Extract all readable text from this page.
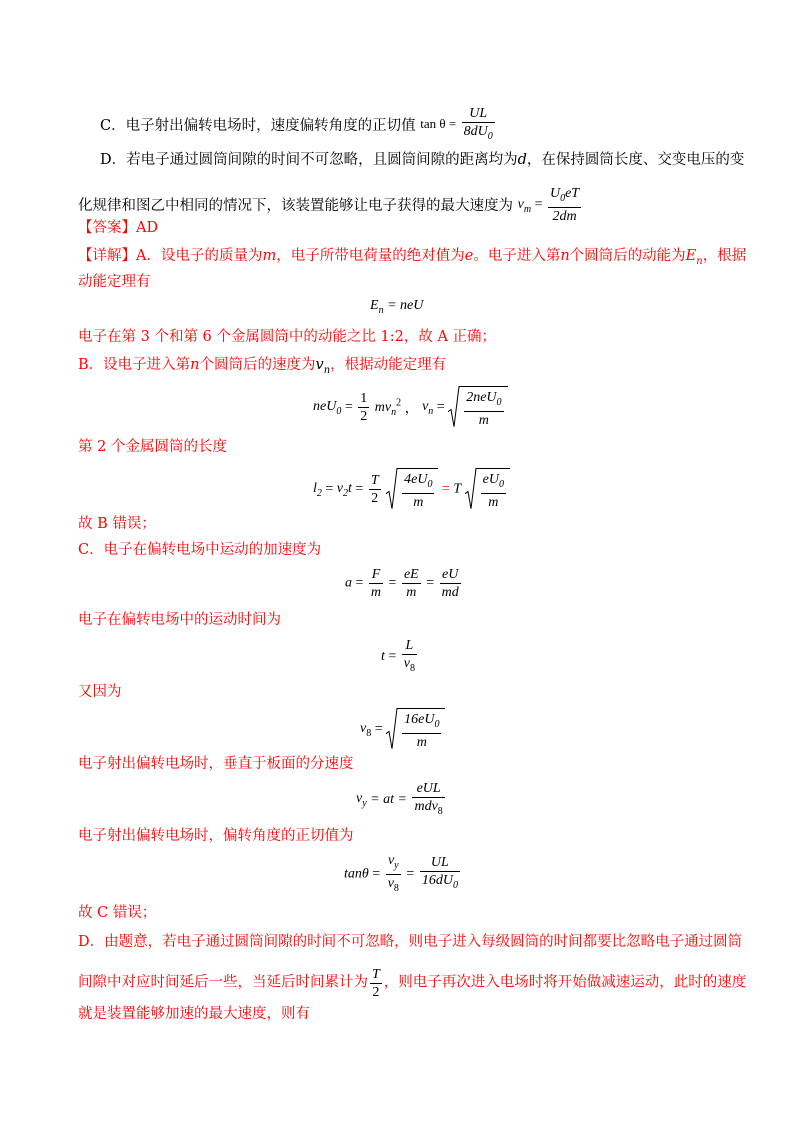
C．电子射出偏转电场时，速度偏转角度的正切值 $\tan \theta = \frac{UL}{8dU_0}$
D．若电子通过圆筒间隙的时间不可忽略，且圆筒间隙的距离均为d，在保持圆筒长度、交变电压的变
化规律和图乙中相同的情况下，该装置能够让电子获得的最大速度为 $v_m = \frac{U_0eT}{2dm}$
【答案】AD
【详解】A．设电子的质量为m，电子所带电荷量的绝对值为e。电子进入第n个圆筒后的动能为$E_n$，根据
动能定理有
$E_n$ = neU
电子在第 3 个和第 6 个金属圆筒中的动能之比 1:2，故 A 正确；
B．设电子进入第n个圆筒后的速度为$v_n$，根据动能定理有
$neU_0 = \frac{1}{2} mv_n^2$ ， $v_n = \frac{2neU_0}{m}$
第 2 个金属圆筒的长度
$l_2 = v_2t = \frac{T}{2}$
$\frac{4eU_0}{m} = T \frac{eU_0}{m}$
故 B 错误；
C．电子在偏转电场中运动的加速度为
$a = \frac{F}{m} = \frac{eE}{m} = \frac{eU}{md}$
电子在偏转电场中的运动时间为
$t = \frac{L}{v_8}$
又因为
$v_8 = \frac{16eU_0}{m}$
电子射出偏转电场时，垂直于板面的分速度
$v_y$ = at = $\frac{\text{eUL}}{mdv_8}$
电子射出偏转电场时，偏转角度的正切值为
$\tan\theta = \frac{v_y}{v_8} = \frac{UL}{16dU_0}$
故 C 错误；
D．由题意，若电子通过圆筒间隙的时间不可忽略，则电子进入每级圆筒的时间都要比忽略电子通过圆筒
间隙中对应时间延后一些，当延后时间累计为 $\frac{T}{2}$ ，则电子再次进入电场时将开始做减速运动，此时的速度
就是装置能够加速的最大速度，则有
